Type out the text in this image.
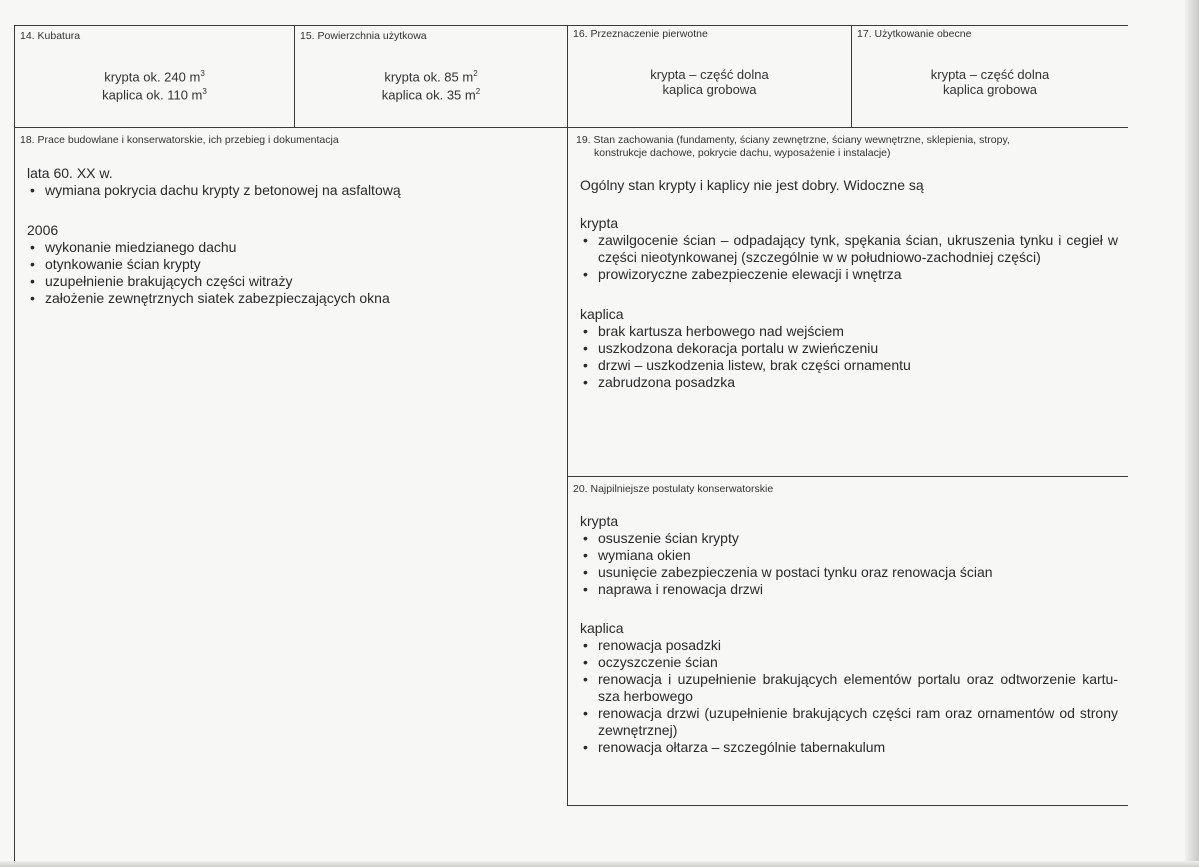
14. Kubatura
krypta ok. 240 $m^3$
kaplica ok. 110 $m^3$
15. Powierzchnia użytkowa
krypta ok. 85 $m^2$
kaplica ok. 35 $m^2$
16. Przeznaczenie pierwotne
krypta – część dolna
kaplica grobowa
17. Użytkowanie obecne
krypta – część dolna
kaplica grobowa
18. Prace budowlane i konserwatorskie, ich przebieg i dokumentacja
lata 60. XX w.
• wymiana pokrycia dachu krypty z betonowej na asfaltową
2006
• wykonanie miedzianego dachu
• otynkowanie ścian krypty
• uzupełnienie brakujących części witraży
• założenie zewnętrznych siatek zabezpieczających okna
19. Stan zachowania (fundamenty, ściany zewnętrzne, ściany wewnętrzne, sklepienia, stropy,
konstrukcje dachowe, pokrycie dachu, wyposażenie i instalacje)
Ogólny stan krypty i kaplicy nie jest dobry. Widoczne są
krypta
• zawilgocenie ścian – odpadający tynk, spękania ścian, ukruszenia tynku i cegieł w części nieotynkowanej (szczególnie w w południowo-zachodniej części)
• prowizoryczne zabezpieczenie elewacji i wnętrza
kaplica
• brak kartusza herbowego nad wejściem
• uszkodzona dekoracja portalu w zwieńczeniu
• drzwi – uszkodzenia listew, brak części ornamentu
• zabrudzona posadzka
20. Najpilniejsze postulaty konserwatorskie
krypta
• osuszenie ścian krypty
• wymiana okien
• usunięcie zabezpieczenia w postaci tynku oraz renowacja ścian
• naprawa i renowacja drzwi
kaplica
• renowacja posadzki
• oczyszczenie ścian
• renowacja i uzupełnienie brakujących elementów portalu oraz odtworzenie kartu-sza herbowego
• renowacja drzwi (uzupełnienie brakujących części ram oraz ornamentów od strony zewnętrznej)
• renowacja ołtarza – szczególnie tabernakulum
